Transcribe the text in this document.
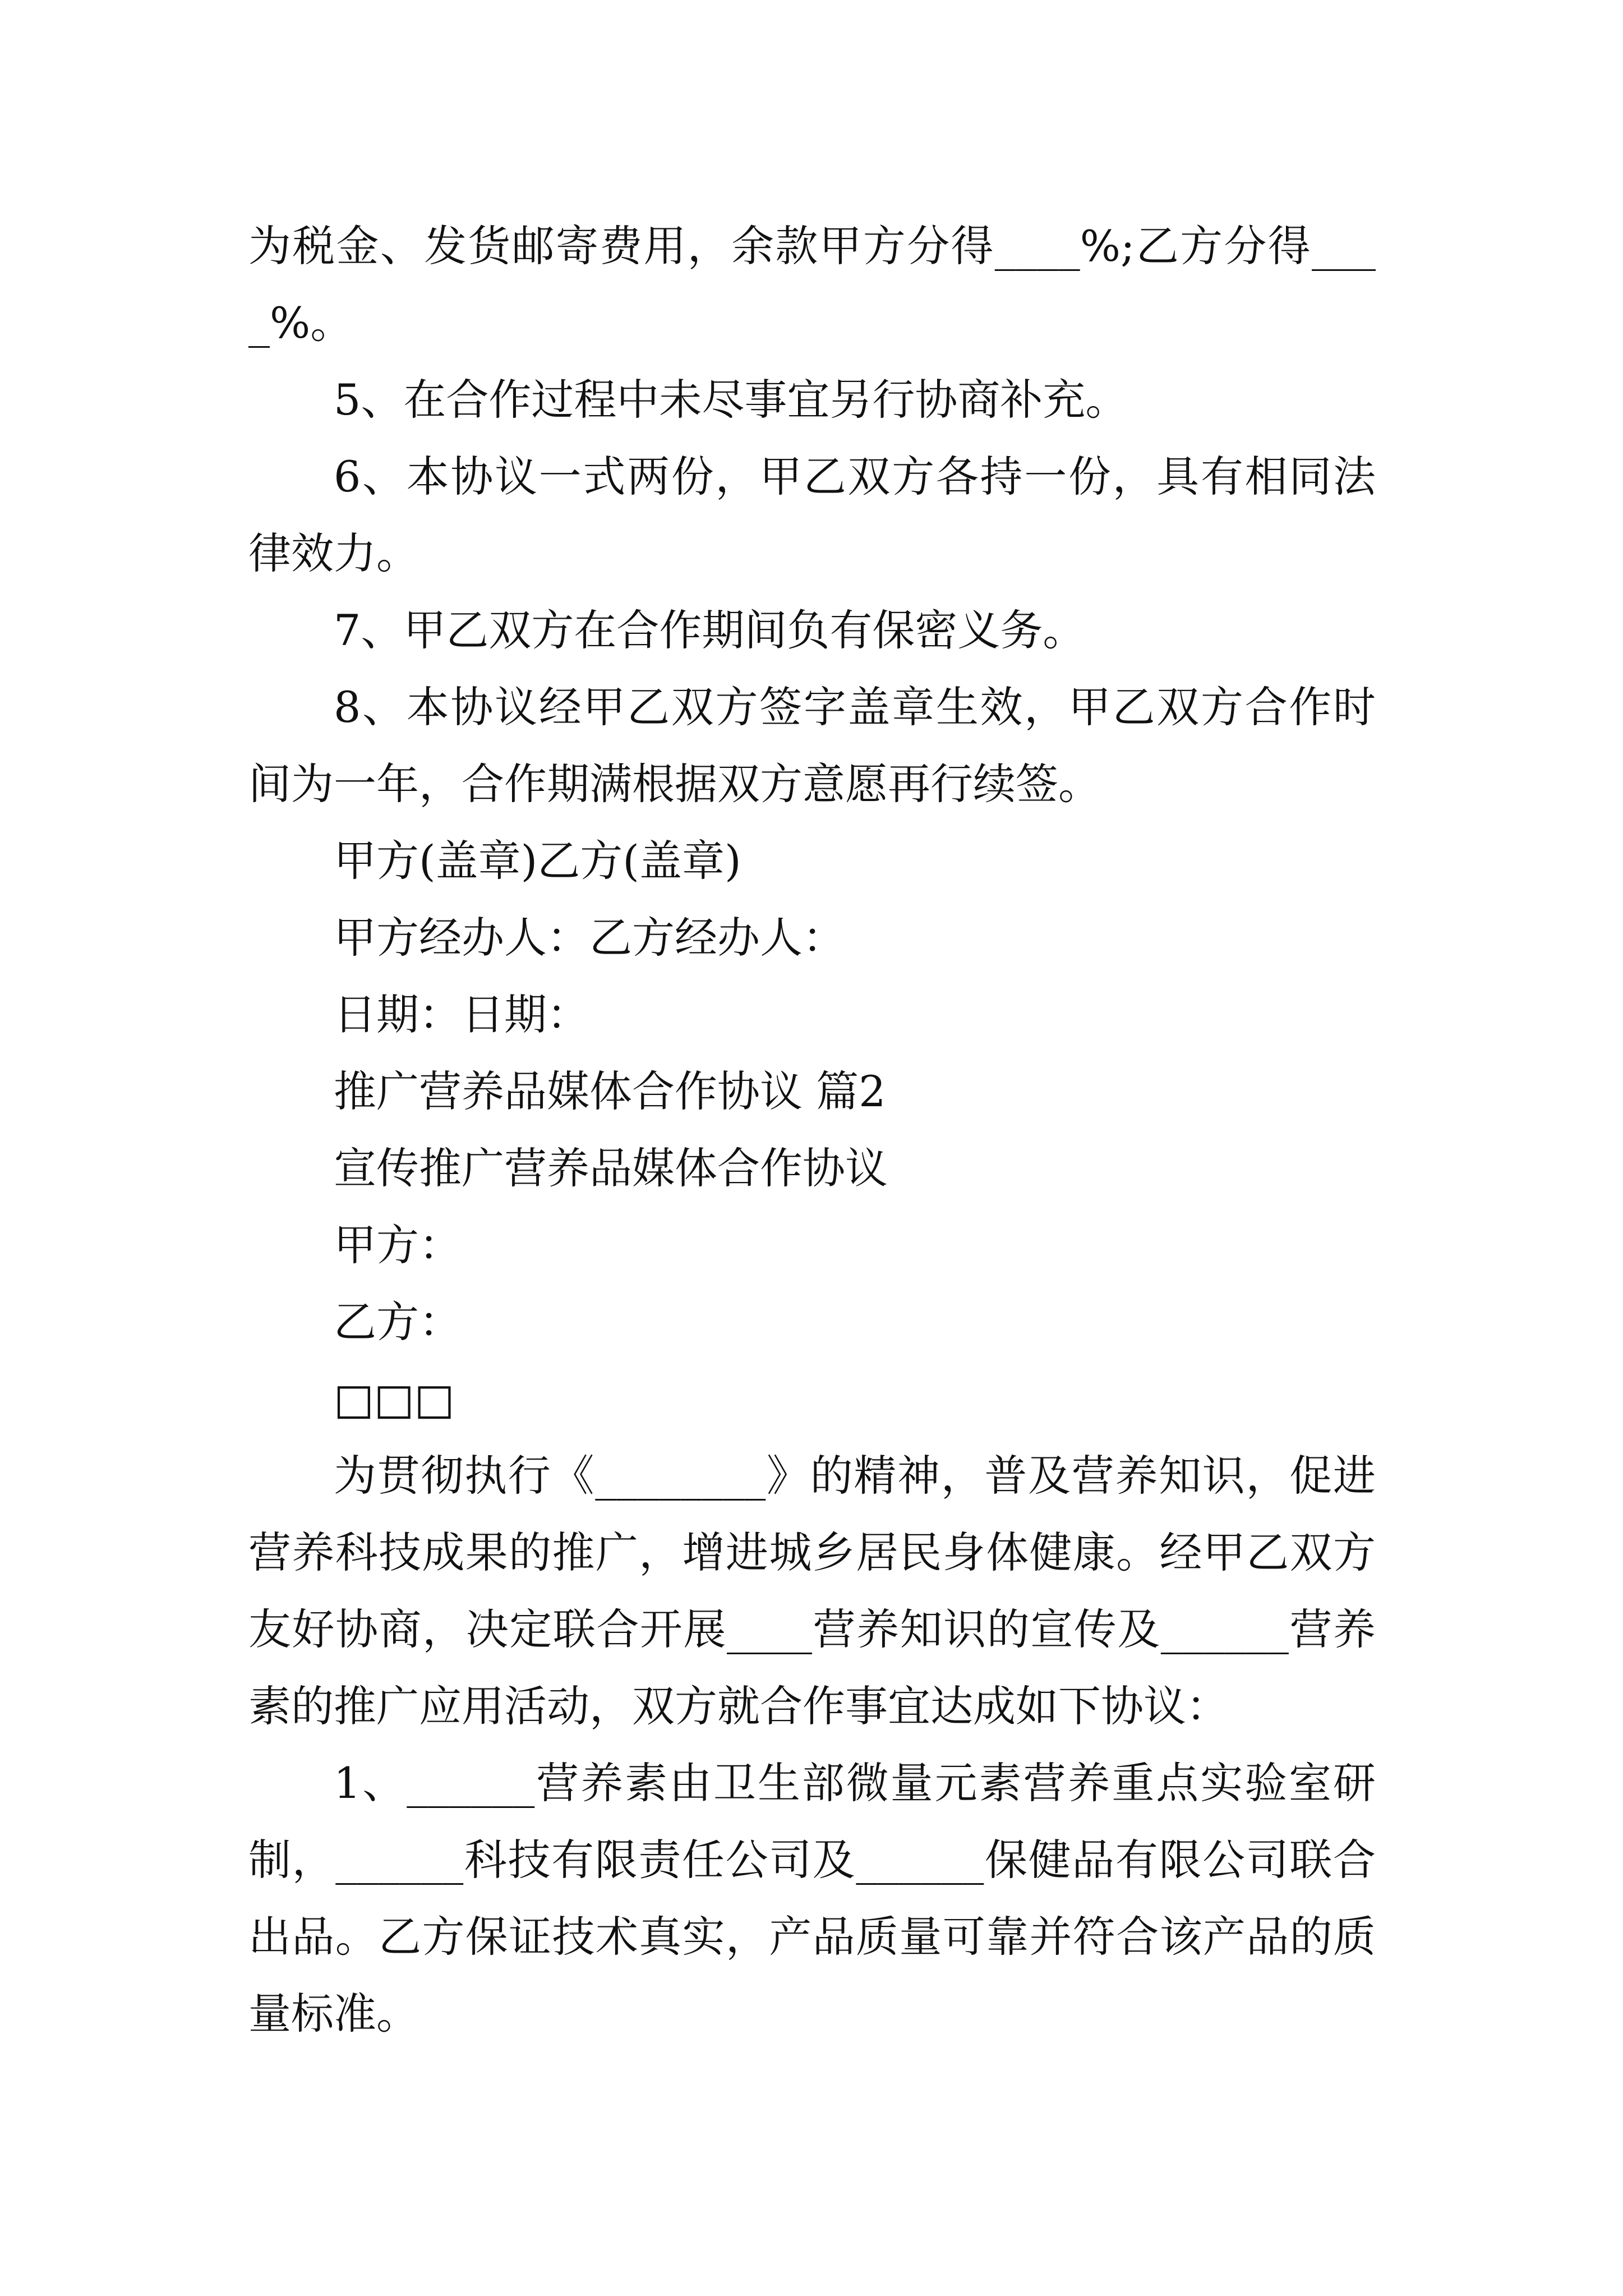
为税金、发货邮寄费用，余款甲方分得____%;乙方分得____%。

5、在合作过程中未尽事宜另行协商补充。

6、本协议一式两份，甲乙双方各持一份，具有相同法律效力。

7、甲乙双方在合作期间负有保密义务。

8、本协议经甲乙双方签字盖章生效，甲乙双方合作时间为一年，合作期满根据双方意愿再行续签。

甲方(盖章)乙方(盖章)

甲方经办人：乙方经办人：

日期：日期：

推广营养品媒体合作协议 篇2

宣传推广营养品媒体合作协议

甲方：

乙方：

□□□

为贯彻执行《________》的精神，普及营养知识，促进营养科技成果的推广，增进城乡居民身体健康。经甲乙双方友好协商，决定联合开展____营养知识的宣传及______营养素的推广应用活动，双方就合作事宜达成如下协议：

1、______营养素由卫生部微量元素营养重点实验室研制，______科技有限责任公司及______保健品有限公司联合出品。乙方保证技术真实，产品质量可靠并符合该产品的质量标准。
